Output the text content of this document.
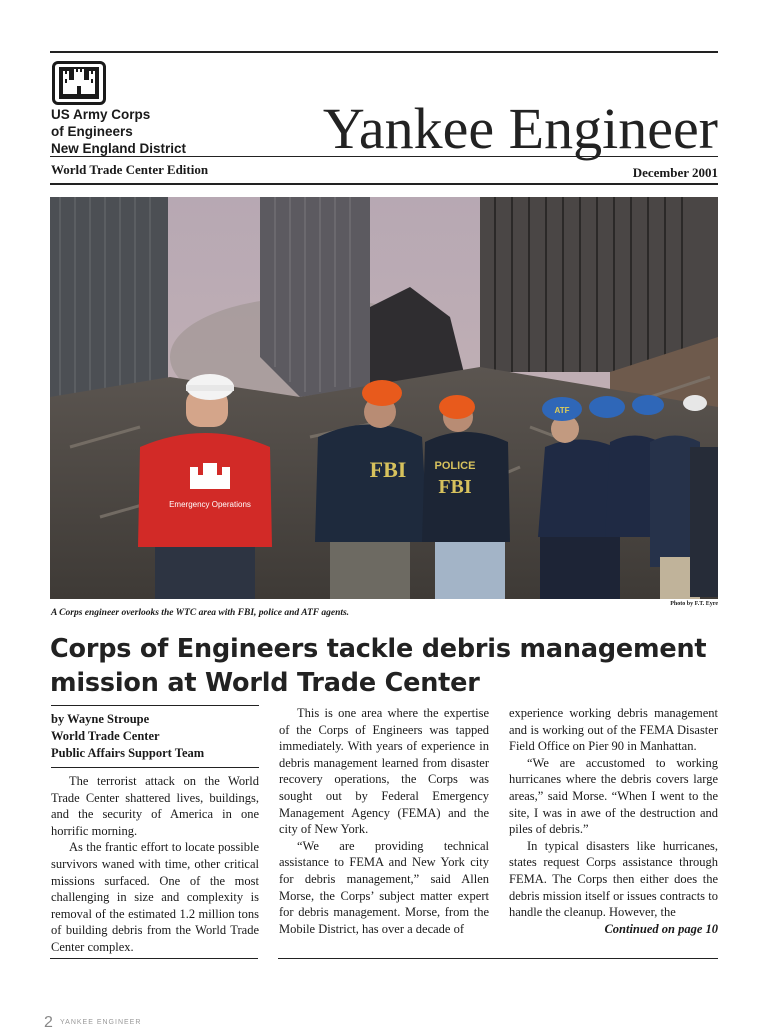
US Army Corps
of Engineers
New England District	Yankee Engineer
World Trade Center Edition	December 2001
Emergency Operations
FBI	POLICE
FBI
ATF
A Corps engineer overlooks the WTC area with FBI, police and ATF agents.
Photo by F.T. Eyre
Corps of Engineers tackle debris management mission at World Trade Center
by Wayne Stroupe
World Trade Center
Public Affairs Support Team

The terrorist attack on the World Trade Center shattered lives, buildings, and the security of America in one horrific morning.

As the frantic effort to locate possible survivors waned with time, other critical missions surfaced. One of the most challenging in size and complexity is removal of the estimated 1.2 million tons of building debris from the World Trade Center complex.

This is one area where the expertise of the Corps of Engineers was tapped immediately. With years of experience in debris management learned from disaster recovery operations, the Corps was sought out by Federal Emergency Management Agency (FEMA) and the city of New York.

“We are providing technical assistance to FEMA and New York city for debris management,” said Allen Morse, the Corps’ subject matter expert for debris management. Morse, from the Mobile District, has over a decade of

experience working debris management and is working out of the FEMA Disaster Field Office on Pier 90 in Manhattan.

“We are accustomed to working hurricanes where the debris covers large areas,” said Morse. “When I went to the site, I was in awe of the destruction and piles of debris.”

In typical disasters like hurricanes, states request Corps assistance through FEMA. The Corps then either does the debris mission itself or issues contracts to handle the cleanup. However, the

Continued on page 10
2 YANKEE ENGINEER
